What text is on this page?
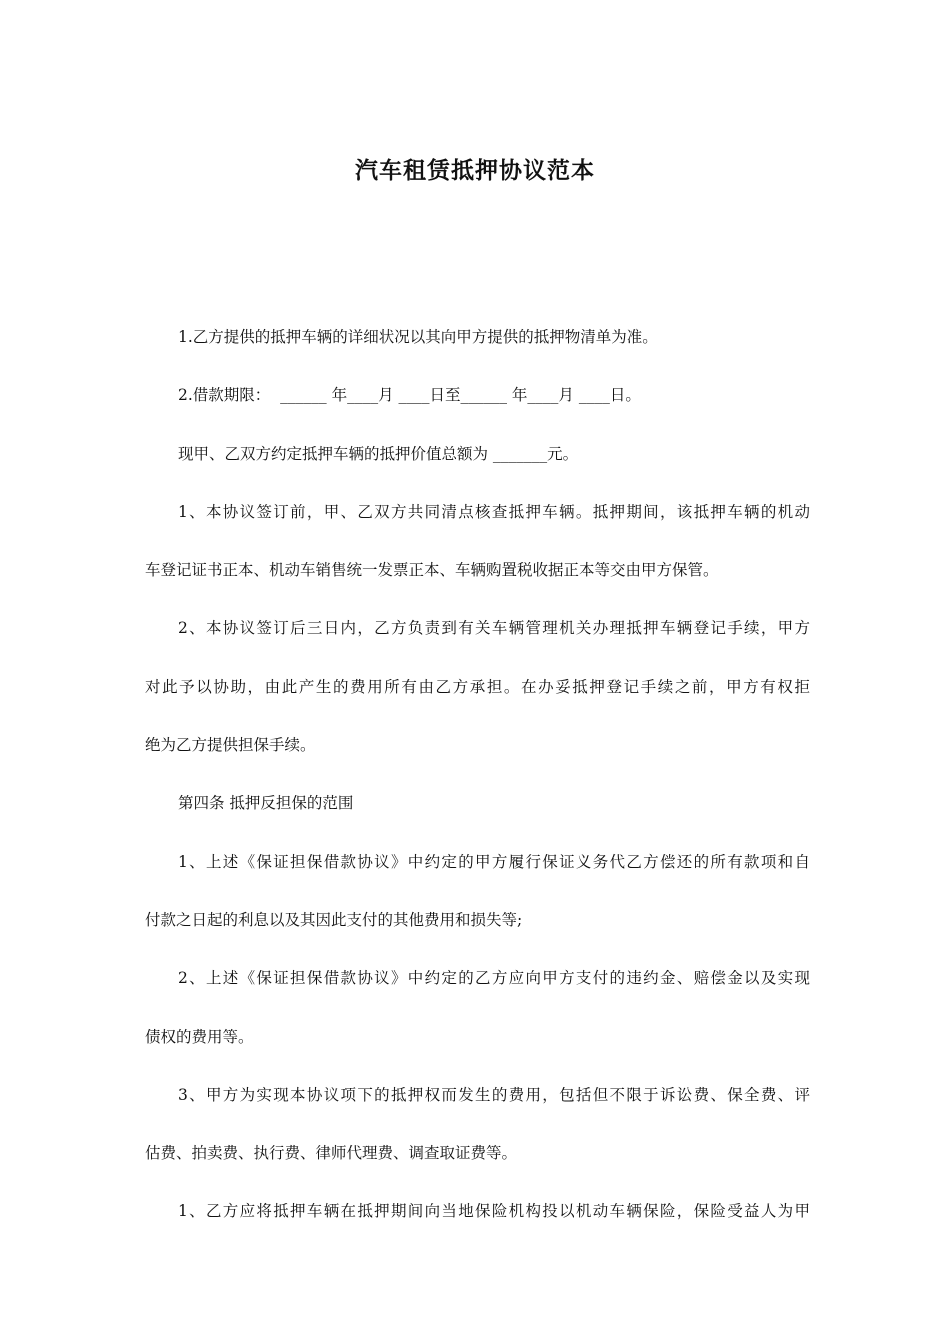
汽车租赁抵押协议范本
1.乙方提供的抵押车辆的详细状况以其向甲方提供的抵押物清单为准。
2.借款期限：  ______ 年____月 ____日至______ 年____月 ____日。
现甲、乙双方约定抵押车辆的抵押价值总额为 _______元。
1、本协议签订前，甲、乙双方共同清点核查抵押车辆。抵押期间，该抵押车辆的机动
车登记证书正本、机动车销售统一发票正本、车辆购置税收据正本等交由甲方保管。
2、本协议签订后三日内，乙方负责到有关车辆管理机关办理抵押车辆登记手续，甲方
对此予以协助，由此产生的费用所有由乙方承担。在办妥抵押登记手续之前，甲方有权拒
绝为乙方提供担保手续。
第四条 抵押反担保的范围
1、上述《保证担保借款协议》中约定的甲方履行保证义务代乙方偿还的所有款项和自
付款之日起的利息以及其因此支付的其他费用和损失等;
2、上述《保证担保借款协议》中约定的乙方应向甲方支付的违约金、赔偿金以及实现
债权的费用等。
3、甲方为实现本协议项下的抵押权而发生的费用，包括但不限于诉讼费、保全费、评
估费、拍卖费、执行费、律师代理费、调查取证费等。
1、乙方应将抵押车辆在抵押期间向当地保险机构投以机动车辆保险，保险受益人为甲
